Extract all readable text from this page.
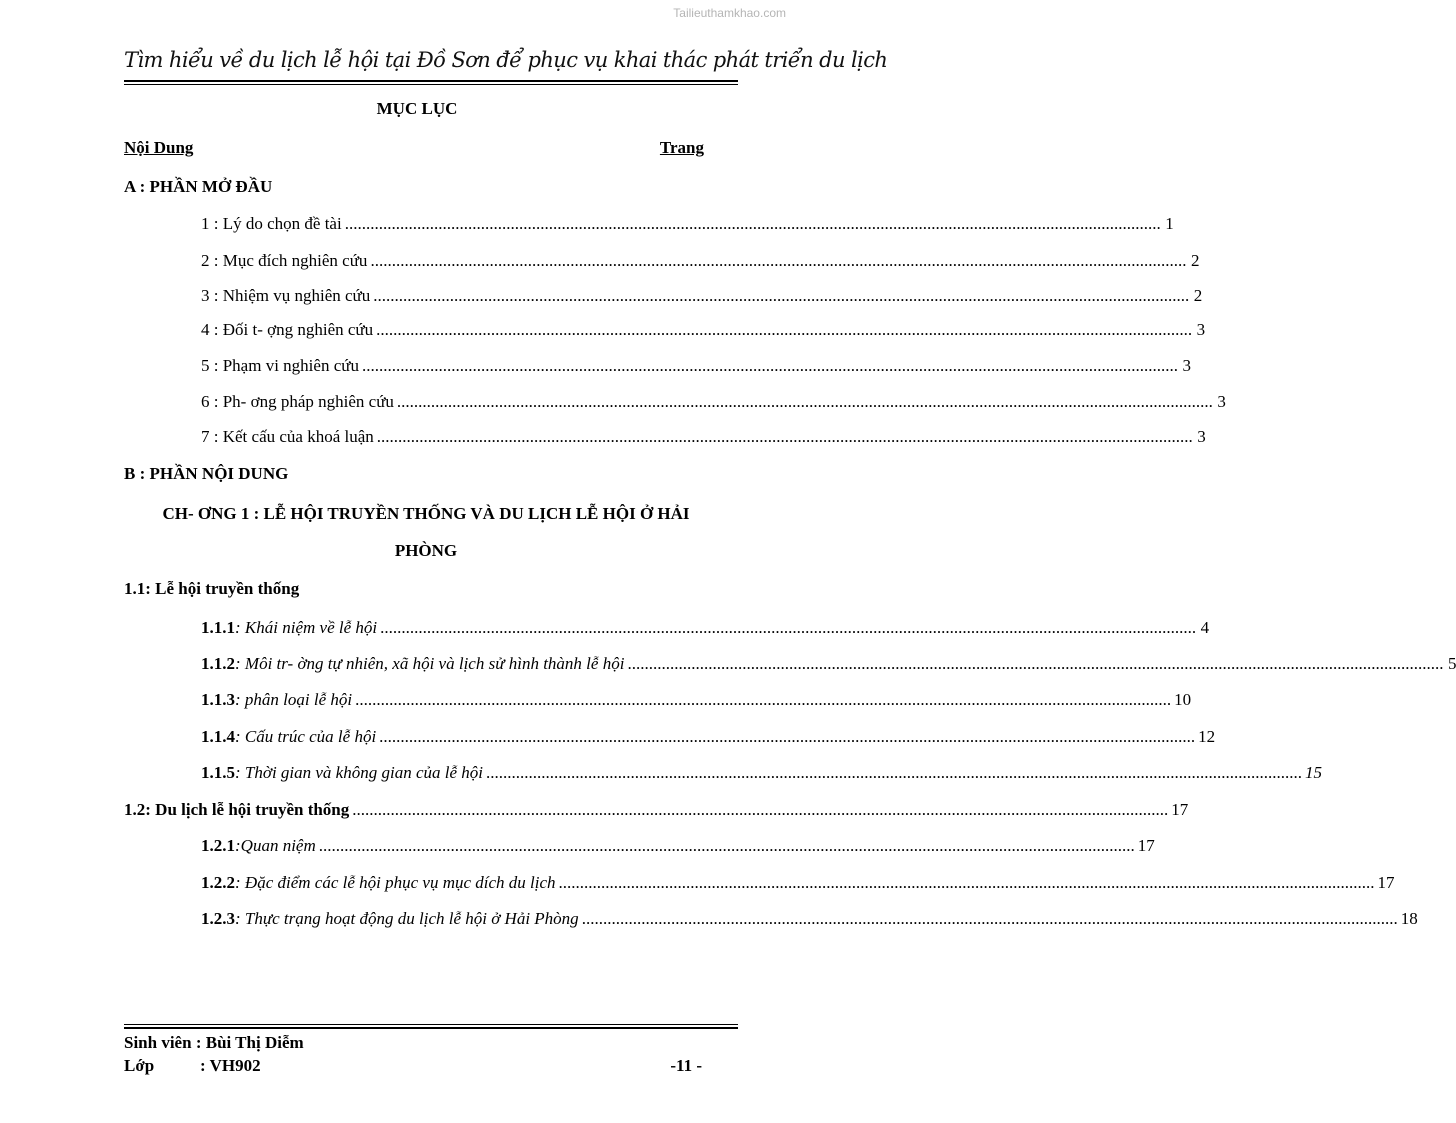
Tailieuthamkhao.com
Tìm hiểu về du lịch lễ hội tại Đồ Sơn để phục vụ khai thác phát triển du lịch
MỤC LỤC
Nội Dung	Trang
A : PHẦN MỞ ĐẦU
1 : Lý do chọn đề tài .....	1
2 : Mục đích nghiên cứu .....	2
3 : Nhiệm vụ nghiên cứu .....	2
4 : Đối t- ợng nghiên cứu .....	3
5 : Phạm vi nghiên cứu .....	3
6 : Ph- ơng pháp nghiên cứu .....	3
7 : Kết cấu của khoá luận .....	3
B : PHẦN NỘI DUNG
CH- ƠNG 1 : LỄ HỘI TRUYỀN THỐNG VÀ DU LỊCH LỄ HỘI Ở HẢI
PHÒNG
1.1: Lễ hội truyền thống
1.1.1 : Khái niệm về lễ hội .....	4
1.1.2 : Môi tr- ờng tự nhiên, xã hội và lịch sử hình thành lễ hội .....	5
1.1.3 : phân loại lễ hội .....	10
1.1.4 : Cấu trúc của lễ hội .....	12
1.1.5 : Thời gian và không gian của lễ hội .....	15
1.2: Du lịch lễ hội truyền thống .....	17
1.2.1 :Quan niệm .....	17
1.2.2 : Đặc điểm các lễ hội phục vụ mục dích du lịch .....	17
1.2.3 : Thực trạng hoạt động du lịch lễ hội ở Hải Phòng .....	18
Sinh viên : Bùi Thị Diễm
Lớp	: VH902	-11 -
